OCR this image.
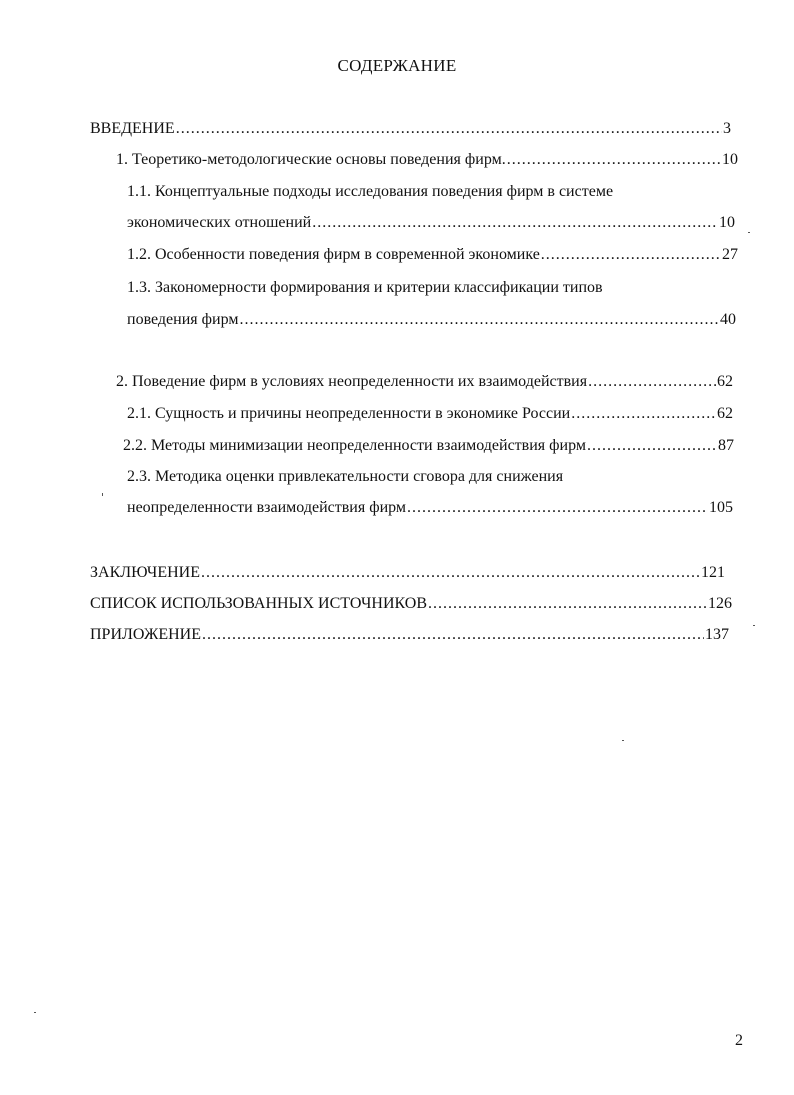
СОДЕРЖАНИЕ
ВВЕДЕНИЕ .....	3
1. Теоретико-методологические основы поведения фирм. .....	10
1.1. Концептуальные подходы исследования поведения фирм в системе
экономических отношений .....	10
1.2. Особенности поведения фирм в современной экономике .....	27
1.3. Закономерности формирования и критерии классификации типов
поведения фирм .....	40
2. Поведение фирм в условиях неопределенности их взаимодействия .....	62
2.1. Сущность и причины неопределенности в экономике России .....	62
2.2. Методы минимизации неопределенности взаимодействия фирм .....	87
2.3. Методика оценки привлекательности сговора для снижения
неопределенности взаимодействия фирм .....	105
ЗАКЛЮЧЕНИЕ .....	121
СПИСОК ИСПОЛЬЗОВАННЫХ ИСТОЧНИКОВ .....	126
ПРИЛОЖЕНИЕ .....	137
2
